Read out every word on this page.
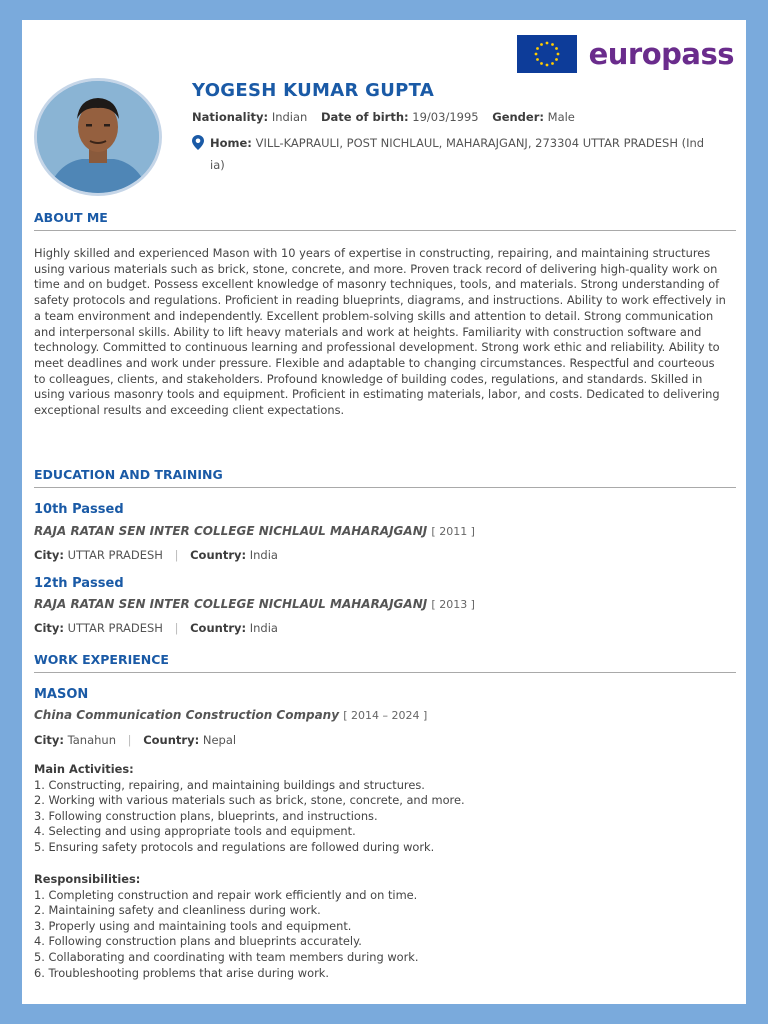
europass
YOGESH KUMAR GUPTA
Nationality: Indian Date of birth: 19/03/1995 Gender: Male
Home: VILL-KAPRAULI, POST NICHLAUL, MAHARAJGANJ, 273304 UTTAR PRADESH (Ind
ia)
ABOUT ME
Highly skilled and experienced Mason with 10 years of expertise in constructing, repairing, and maintaining structures using various materials such as brick, stone, concrete, and more. Proven track record of delivering high-quality work on time and on budget. Possess excellent knowledge of masonry techniques, tools, and materials. Strong understanding of safety protocols and regulations. Proficient in reading blueprints, diagrams, and instructions. Ability to work effectively in a team environment and independently. Excellent problem-solving skills and attention to detail. Strong communication and interpersonal skills. Ability to lift heavy materials and work at heights. Familiarity with construction software and technology. Committed to continuous learning and professional development. Strong work ethic and reliability. Ability to meet deadlines and work under pressure. Flexible and adaptable to changing circumstances. Respectful and courteous to colleagues, clients, and stakeholders. Profound knowledge of building codes, regulations, and standards. Skilled in using various masonry tools and equipment. Proficient in estimating materials, labor, and costs. Dedicated to delivering exceptional results and exceeding client expectations.
EDUCATION AND TRAINING
10th Passed
RAJA RATAN SEN INTER COLLEGE NICHLAUL MAHARAJGANJ [ 2011 ]
City: UTTAR PRADESH | Country: India
12th Passed
RAJA RATAN SEN INTER COLLEGE NICHLAUL MAHARAJGANJ [ 2013 ]
City: UTTAR PRADESH | Country: India
WORK EXPERIENCE
MASON
China Communication Construction Company [ 2014 – 2024 ]
City: Tanahun | Country: Nepal
Main Activities:
1. Constructing, repairing, and maintaining buildings and structures.
2. Working with various materials such as brick, stone, concrete, and more.
3. Following construction plans, blueprints, and instructions.
4. Selecting and using appropriate tools and equipment.
5. Ensuring safety protocols and regulations are followed during work.
Responsibilities:
1. Completing construction and repair work efficiently and on time.
2. Maintaining safety and cleanliness during work.
3. Properly using and maintaining tools and equipment.
4. Following construction plans and blueprints accurately.
5. Collaborating and coordinating with team members during work.
6. Troubleshooting problems that arise during work.
